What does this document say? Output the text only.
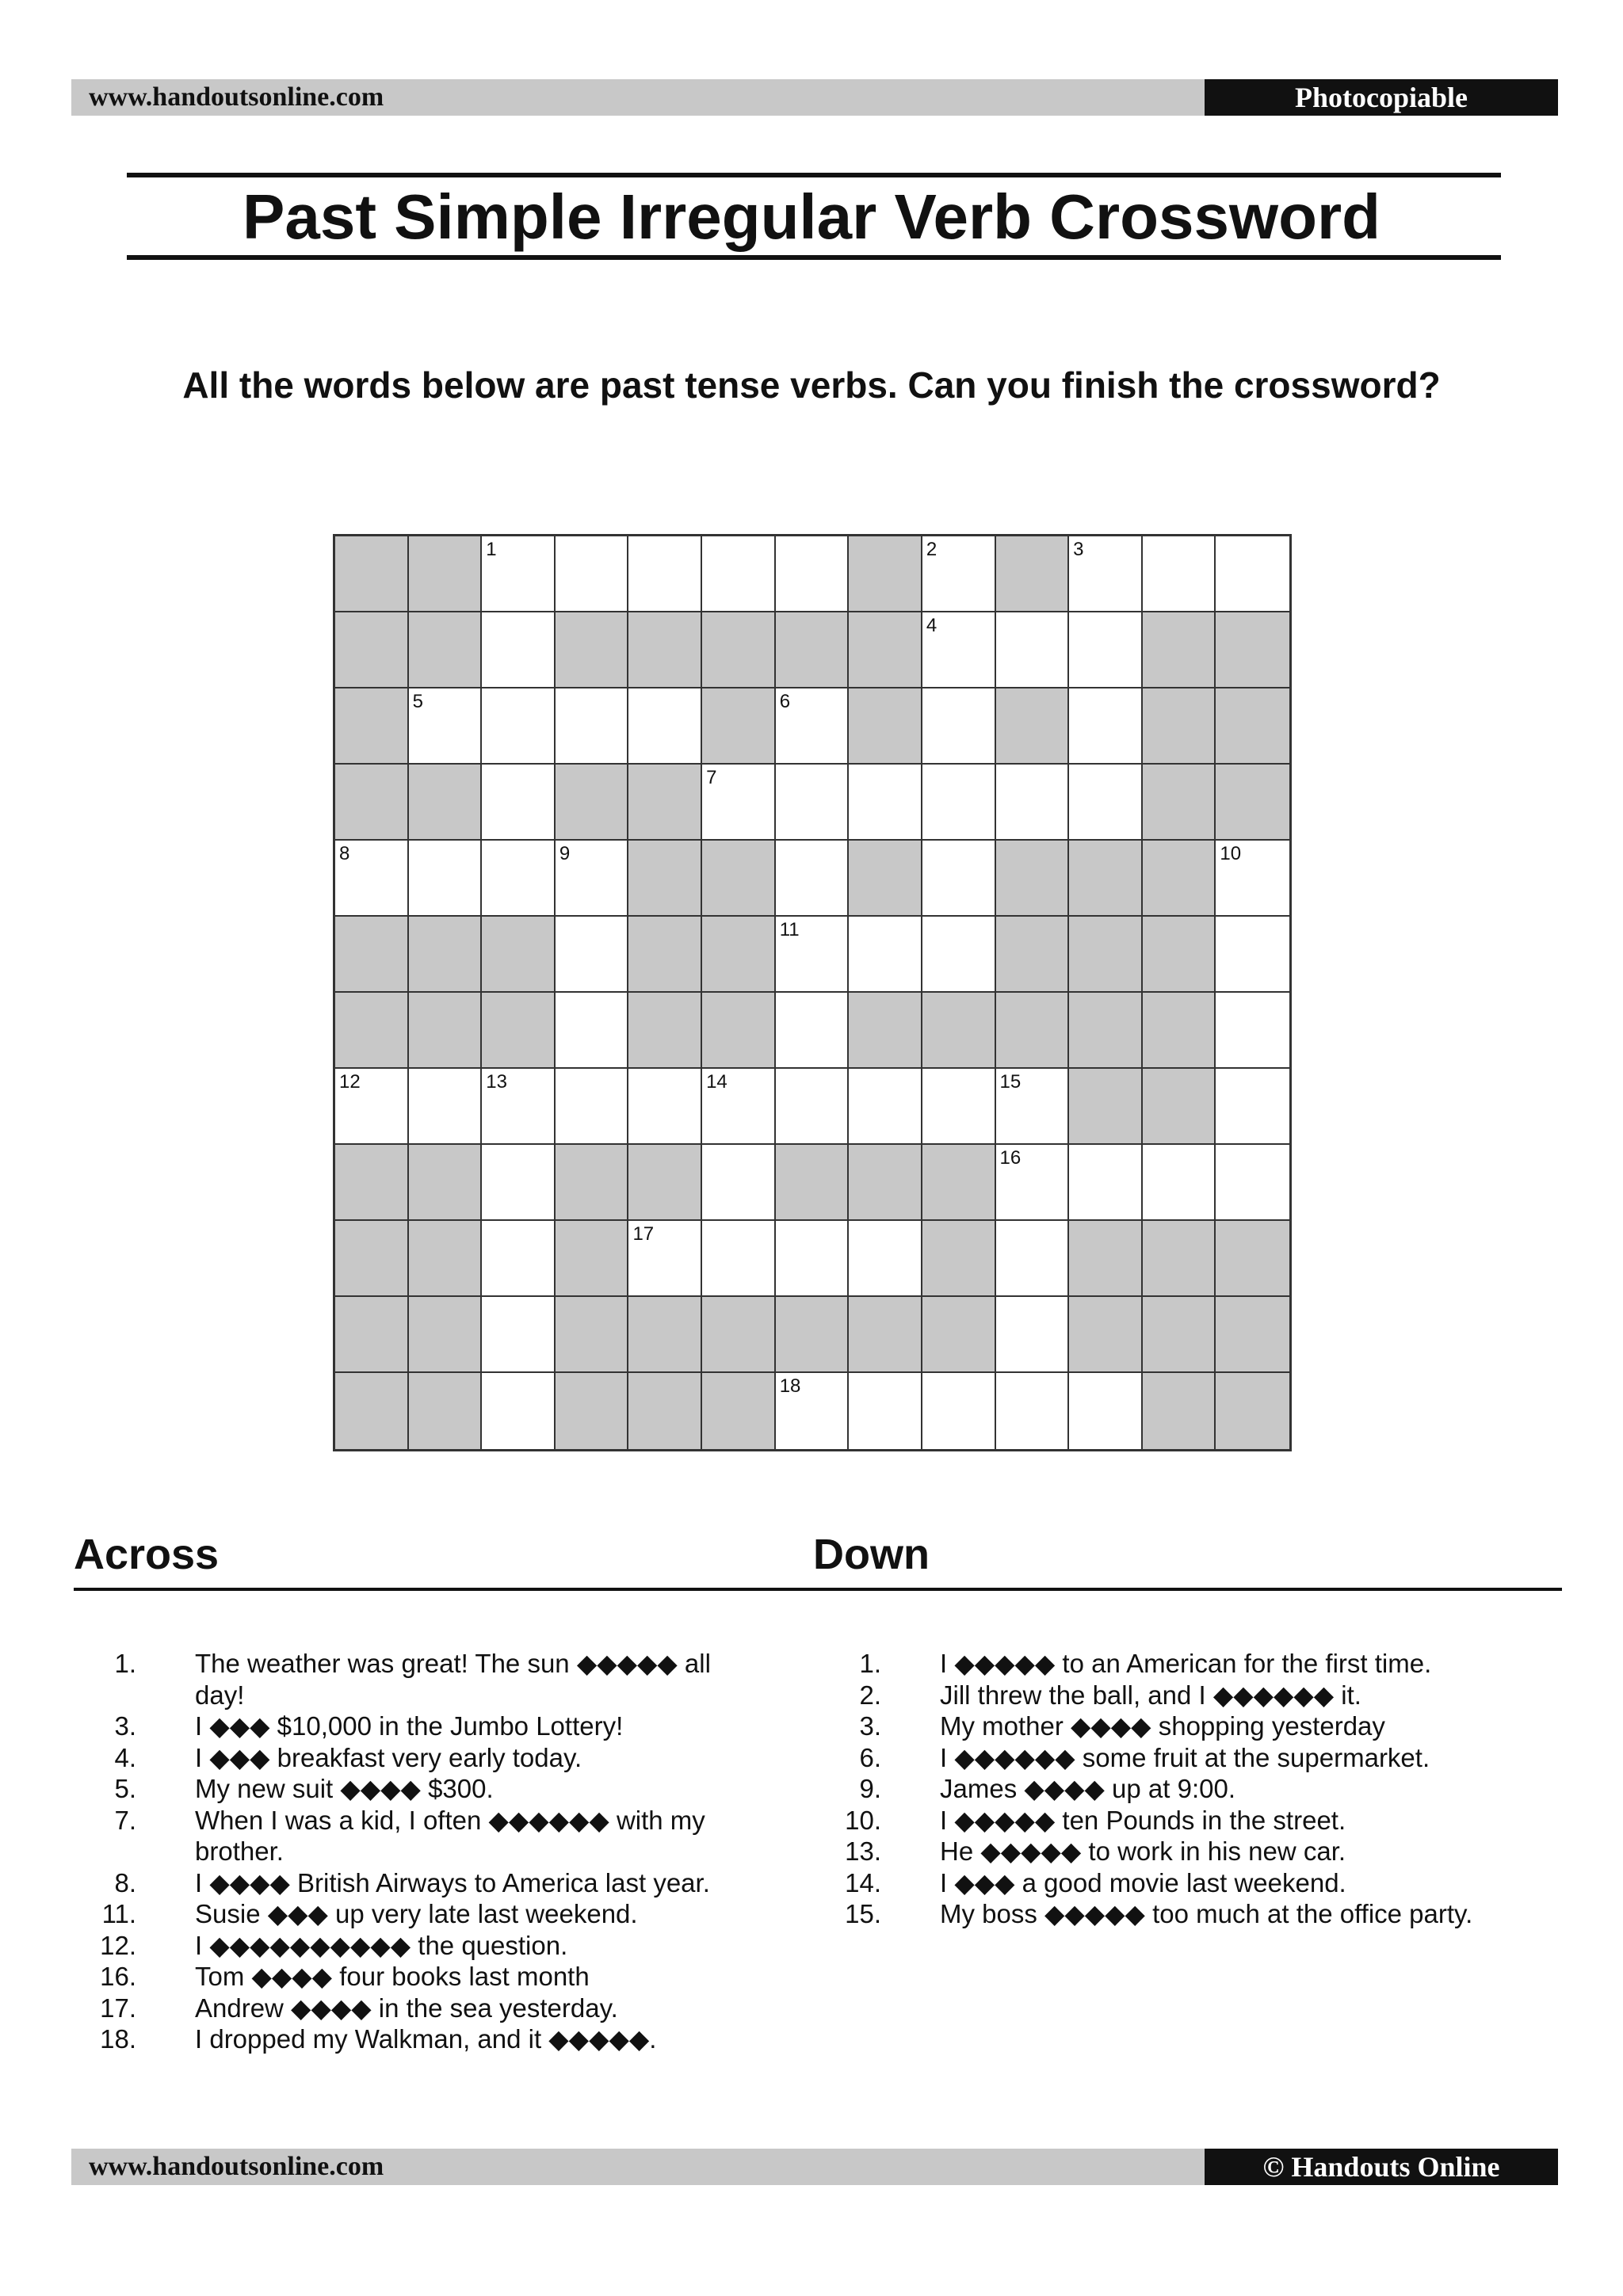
www.handoutsonline.com	Photocopiable
Past Simple Irregular Verb Crossword
All the words below are past tense verbs. Can you finish the crossword?
1	2	3
4
5	6
7
8	9	10
11
12	13	14	15
16
17
18
Across	Down
1. The weather was great! The sun ◆◆◆◆◆ all day!
3. I ◆◆◆ $10,000 in the Jumbo Lottery!
4. I ◆◆◆ breakfast very early today.
5. My new suit ◆◆◆◆ $300.
7. When I was a kid, I often ◆◆◆◆◆◆ with my brother.
8. I ◆◆◆◆ British Airways to America last year.
11. Susie ◆◆◆ up very late last weekend.
12. I ◆◆◆◆◆◆◆◆◆◆ the question.
16. Tom ◆◆◆◆ four books last month
17. Andrew ◆◆◆◆ in the sea yesterday.
18. I dropped my Walkman, and it ◆◆◆◆◆.
1. I ◆◆◆◆◆ to an American for the first time.
2. Jill threw the ball, and I ◆◆◆◆◆◆ it.
3. My mother ◆◆◆◆ shopping yesterday
6. I ◆◆◆◆◆◆ some fruit at the supermarket.
9. James ◆◆◆◆ up at 9:00.
10. I ◆◆◆◆◆ ten Pounds in the street.
13. He ◆◆◆◆◆ to work in his new car.
14. I ◆◆◆ a good movie last weekend.
15. My boss ◆◆◆◆◆ too much at the office party.
www.handoutsonline.com	© Handouts Online
